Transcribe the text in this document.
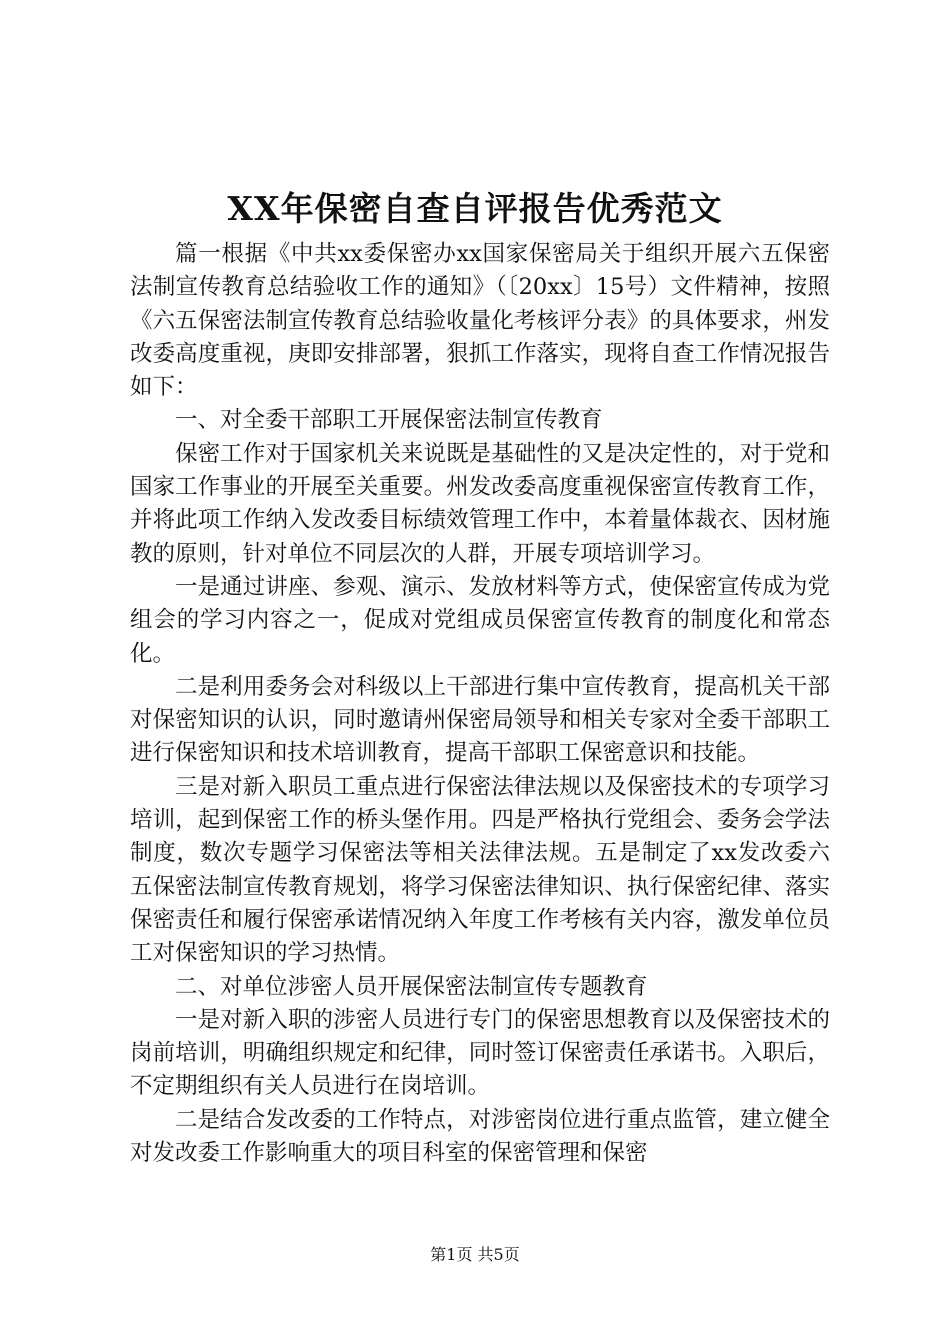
XX年保密自查自评报告优秀范文

篇一根据《中共xx委保密办xx国家保密局关于组织开展六五保密法制宣传教育总结验收工作的通知》（〔20xx〕15号）文件精神，按照《六五保密法制宣传教育总结验收量化考核评分表》的具体要求，州发改委高度重视，庚即安排部署，狠抓工作落实，现将自查工作情况报告如下：

一、对全委干部职工开展保密法制宣传教育

保密工作对于国家机关来说既是基础性的又是决定性的，对于党和国家工作事业的开展至关重要。州发改委高度重视保密宣传教育工作，并将此项工作纳入发改委目标绩效管理工作中，本着量体裁衣、因材施教的原则，针对单位不同层次的人群，开展专项培训学习。

一是通过讲座、参观、演示、发放材料等方式，使保密宣传成为党组会的学习内容之一，促成对党组成员保密宣传教育的制度化和常态化。

二是利用委务会对科级以上干部进行集中宣传教育，提高机关干部对保密知识的认识，同时邀请州保密局领导和相关专家对全委干部职工进行保密知识和技术培训教育，提高干部职工保密意识和技能。

三是对新入职员工重点进行保密法律法规以及保密技术的专项学习培训，起到保密工作的桥头堡作用。四是严格执行党组会、委务会学法制度，数次专题学习保密法等相关法律法规。五是制定了xx发改委六五保密法制宣传教育规划，将学习保密法律知识、执行保密纪律、落实保密责任和履行保密承诺情况纳入年度工作考核有关内容，激发单位员工对保密知识的学习热情。

二、对单位涉密人员开展保密法制宣传专题教育

一是对新入职的涉密人员进行专门的保密思想教育以及保密技术的岗前培训，明确组织规定和纪律，同时签订保密责任承诺书。入职后，不定期组织有关人员进行在岗培训。

二是结合发改委的工作特点，对涉密岗位进行重点监管，建立健全对发改委工作影响重大的项目科室的保密管理和保密

第1页 共5页
